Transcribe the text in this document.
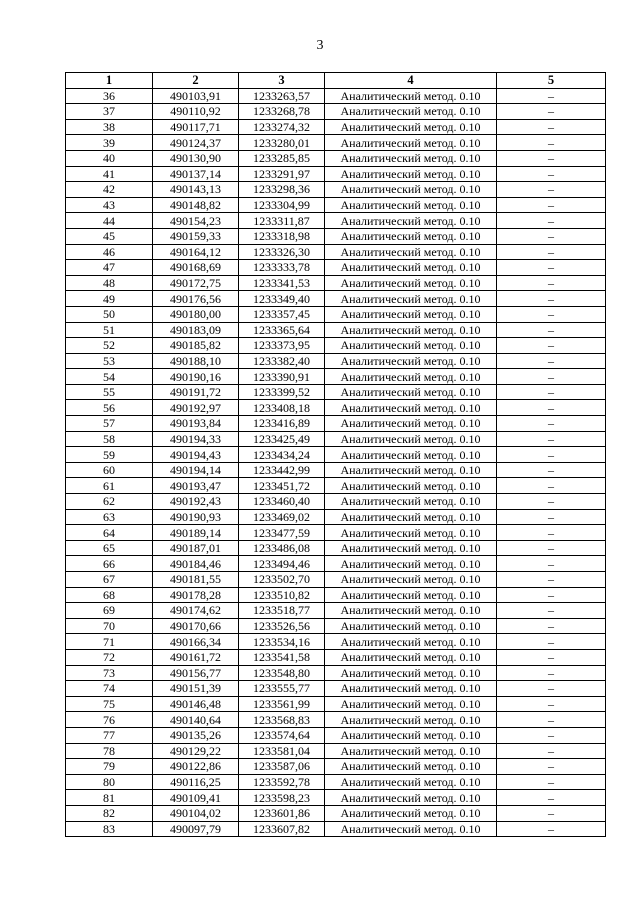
3
1	2	3	4	5
36	490103,91	1233263,57	Аналитический метод. 0.10	–
37	490110,92	1233268,78	Аналитический метод. 0.10	–
38	490117,71	1233274,32	Аналитический метод. 0.10	–
39	490124,37	1233280,01	Аналитический метод. 0.10	–
40	490130,90	1233285,85	Аналитический метод. 0.10	–
41	490137,14	1233291,97	Аналитический метод. 0.10	–
42	490143,13	1233298,36	Аналитический метод. 0.10	–
43	490148,82	1233304,99	Аналитический метод. 0.10	–
44	490154,23	1233311,87	Аналитический метод. 0.10	–
45	490159,33	1233318,98	Аналитический метод. 0.10	–
46	490164,12	1233326,30	Аналитический метод. 0.10	–
47	490168,69	1233333,78	Аналитический метод. 0.10	–
48	490172,75	1233341,53	Аналитический метод. 0.10	–
49	490176,56	1233349,40	Аналитический метод. 0.10	–
50	490180,00	1233357,45	Аналитический метод. 0.10	–
51	490183,09	1233365,64	Аналитический метод. 0.10	–
52	490185,82	1233373,95	Аналитический метод. 0.10	–
53	490188,10	1233382,40	Аналитический метод. 0.10	–
54	490190,16	1233390,91	Аналитический метод. 0.10	–
55	490191,72	1233399,52	Аналитический метод. 0.10	–
56	490192,97	1233408,18	Аналитический метод. 0.10	–
57	490193,84	1233416,89	Аналитический метод. 0.10	–
58	490194,33	1233425,49	Аналитический метод. 0.10	–
59	490194,43	1233434,24	Аналитический метод. 0.10	–
60	490194,14	1233442,99	Аналитический метод. 0.10	–
61	490193,47	1233451,72	Аналитический метод. 0.10	–
62	490192,43	1233460,40	Аналитический метод. 0.10	–
63	490190,93	1233469,02	Аналитический метод. 0.10	–
64	490189,14	1233477,59	Аналитический метод. 0.10	–
65	490187,01	1233486,08	Аналитический метод. 0.10	–
66	490184,46	1233494,46	Аналитический метод. 0.10	–
67	490181,55	1233502,70	Аналитический метод. 0.10	–
68	490178,28	1233510,82	Аналитический метод. 0.10	–
69	490174,62	1233518,77	Аналитический метод. 0.10	–
70	490170,66	1233526,56	Аналитический метод. 0.10	–
71	490166,34	1233534,16	Аналитический метод. 0.10	–
72	490161,72	1233541,58	Аналитический метод. 0.10	–
73	490156,77	1233548,80	Аналитический метод. 0.10	–
74	490151,39	1233555,77	Аналитический метод. 0.10	–
75	490146,48	1233561,99	Аналитический метод. 0.10	–
76	490140,64	1233568,83	Аналитический метод. 0.10	–
77	490135,26	1233574,64	Аналитический метод. 0.10	–
78	490129,22	1233581,04	Аналитический метод. 0.10	–
79	490122,86	1233587,06	Аналитический метод. 0.10	–
80	490116,25	1233592,78	Аналитический метод. 0.10	–
81	490109,41	1233598,23	Аналитический метод. 0.10	–
82	490104,02	1233601,86	Аналитический метод. 0.10	–
83	490097,79	1233607,82	Аналитический метод. 0.10	–
